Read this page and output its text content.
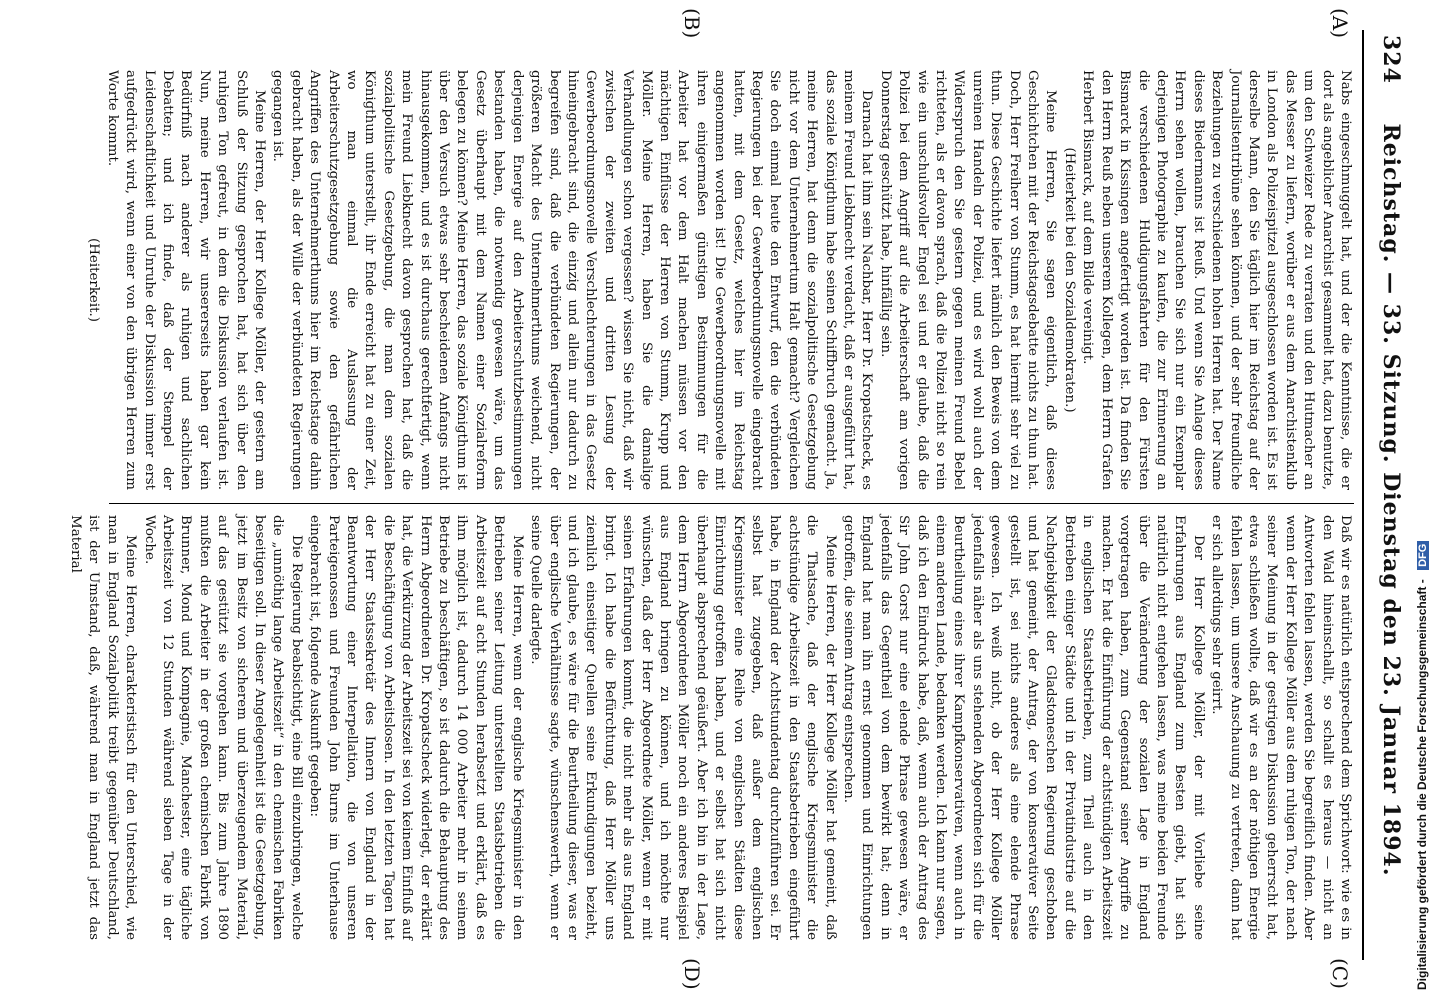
324
Reichstag. — 33. Sitzung. Dienstag den 23. Januar 1894.
(A)
(B)
(C)
(D)

Nabs eingeschmuggelt hat, und der die Kenntnisse, die er dort als angeblicher Anarchist gesammelt hat, dazu benutzte, um den Schweizer Rede zu verraten und den Hutmacher an das Messer zu liefern, worüber er aus dem Anarchistenklub in London als Polizeispitzel ausgeschlossen worden ist. Es ist derselbe Mann, den Sie täglich hier im Reichstag auf der Journalistentribüne sehen können, und der sehr freundliche Beziehungen zu verschiedenen hohen Herren hat. Der Name dieses Biedermanns ist Reuß. Und wenn Sie Anlage dieses Herrn sehen wollen, brauchen Sie sich nur ein Exemplar derjenigen Photographie zu kaufen, die zur Erinnerung an die verschiedenen Huldigungsfahrten für den Fürsten Bismarck in Kissingen angefertigt worden ist. Da finden Sie den Herrn Reuß neben unserem Kollegen, dem Herrn Grafen Herbert Bismarck, auf dem Bilde vereinigt.

(Heiterkeit bei den Sozialdemokraten.)

Meine Herren, Sie sagen eigentlich, daß dieses Geschichtchen mit der Reichstagsdebatte nichts zu thun hat. Doch, Herr Freiherr von Stumm, es hat hiermit sehr viel zu thun. Diese Geschichte liefert nämlich den Beweis von dem unreinen Handeln der Polizei, und es wird wohl auch der Widerspruch den Sie gestern gegen meinen Freund Bebel richteten, als er davon sprach, daß die Polizei nicht so rein wie ein unschuldsvoller Engel sei und er glaube, daß die Polizei bei dem Angriff auf die Arbeiterschaft am vorigen Donnerstag geschützt habe, hinfällig sein.

Darnach hat ihm sein Nachbar, Herr Dr. Kropatscheck, es meinem Freund Liebknecht verdacht, daß er ausgeführt hat, das soziale Königthum habe seinen Schiffbruch gemacht. Ja, meine Herren, hat denn die sozialpolitische Gesetzgebung nicht vor dem Unternehmertum Halt gemacht? Vergleichen Sie doch einmal heute den Entwurf, den die verbündeten Regierungen bei der Gewerbeordnungsnovelle eingebracht hatten, mit dem Gesetz, welches hier im Reichstag angenommen worden ist! Die Gewerbeordnungsnovelle mit ihren einigermaßen günstigen Bestimmungen für die Arbeiter hat vor dem Halt machen müssen vor den mächtigen Einflüsse der Herren von Stumm, Krupp und Möller. Meine Herren, haben Sie die damalige Verhandlungen schon vergessen? wissen Sie nicht, daß wir zwischen der zweiten und dritten Lesung der Gewerbeordnungsnovelle Verschlechterungen in das Gesetz hineingebracht sind, die einzig und allein nur dadurch zu begreifen sind, daß die verbündeten Regierungen, der größeren Macht des Unternehmerthums weichend, nicht derjenigen Energie auf den Arbeiterschutzbestimmungen bestanden haben, die notwendig gewesen wäre, um das Gesetz überhaupt mit dem Namen einer Sozialreform belegen zu können? Meine Herren, das soziale Königthum ist über den Versuch etwas sehr bescheidenen Anfangs nicht hinausgekommen, und es ist durchaus gerechtfertigt, wenn mein Freund Liebknecht davon gesprochen hat, daß die sozialpolitische Gesetzgebung, die man dem sozialen Königthum unterstellt, ihr Ende erreicht hat zu einer Zeit, wo man einmal die Auslassung der Arbeiterschutzgesetzgebung sowie den gefährlichen Angriffen des Unternehmerthums hier im Reichstage dahin gebracht haben, als der Wille der verbündeten Regierungen gegangen ist.

Meine Herren, der Herr Kollege Möller, der gestern am Schluß der Sitzung gesprochen hat, hat sich über den ruhigen Ton gefreut, in dem die Diskussion verlaufen ist. Nun, meine Herren, wir unsererseits haben gar kein Bedürfniß nach anderer als ruhigen und sachlichen Debatten; und ich finde, daß der Stempel der Leidenschaftlichkeit und Unruhe der Diskussion immer erst aufgedrückt wird, wenn einer von den übrigen Herren zum Worte kommt.

(Heiterkeit.)

Daß wir es natürlich entsprechend dem Sprichwort: wie es in den Wald hineinschallt, so schallt es heraus — nicht an Antworten fehlen lassen, werden Sie begreiflich finden. Aber wenn der Herr Kollege Möller aus dem ruhigen Ton, der nach seiner Meinung in der gestrigen Diskussion geherrscht hat, etwa schließen wollte, daß wir es an der nöthigen Energie fehlen lassen, um unsere Anschauung zu vertreten, dann hat er sich allerdings sehr geirrt.

Der Herr Kollege Möller, der mit Vorliebe seine Erfahrungen aus England zum Besten giebt, hat sich natürlich nicht entgehen lassen, was meine beiden Freunde über die Veränderung der sozialen Lage in England vorgetragen haben, zum Gegenstand seiner Angriffe zu machen. Er hat die Einführung der achtstündigen Arbeitszeit in englischen Staatsbetrieben, zum Theil auch in den Betrieben einiger Städte und in der Privatindustrie auf die Nachgiebigkeit der Gladstoneschen Regierung geschoben und hat gemeint, der Antrag, der von konservativer Seite gestellt ist, sei nichts anderes als eine elende Phrase gewesen. Ich weiß nicht, ob der Herr Kollege Möller jedenfalls näher als uns stehenden Abgeordneten sich für die Beurtheilung eines ihrer Kampfkonservativen, wenn auch in einem anderen Lande, bedanken werden. Ich kann nur sagen, daß ich den Eindruck habe, daß, wenn auch der Antrag des Sir John Gorst nur eine elende Phrase gewesen wäre, er jedenfalls das Gegentheil von dem bewirkt hat; denn in England hat man ihn ernst genommen und Einrichtungen getroffen, die seinem Antrag entsprechen.

Meine Herren, der Herr Kollege Möller hat gemeint, daß die Thatsache, daß der englische Kriegsminister die achtstündige Arbeitszeit in den Staatsbetrieben eingeführt habe, in England der Achtstundentag durchzuführen sei. Er selbst hat zugegeben, daß außer dem englischen Kriegsminister eine Reihe von englischen Städten diese Einrichtung getroffen haben, und er selbst hat sich nicht überhaupt absprechend geäußert. Aber ich bin in der Lage, dem Herrn Abgeordneten Möller noch ein anderes Beispiel aus England bringen zu können, und ich möchte nur wünschen, daß der Herr Abgeordnete Möller, wenn er mit seinen Erfahrungen kommt, die nicht mehr als aus England bringt. Ich habe die Befürchtung, daß Herr Möller uns ziemlich einseitiger Quellen seine Erkundigungen bezieht, und ich glaube, es wäre für die Beurtheilung dieser, was er über englische Verhältnisse sagte, wünschenswerth, wenn er seine Quelle darlegte.

Meine Herren, wenn der englische Kriegsminister in den Betrieben seiner Leitung unterstellten Staatsbetrieben die Arbeitszeit auf acht Stunden herabsetzt und erklärt, daß es ihm möglich ist, dadurch 14 000 Arbeiter mehr in seinem Betriebe zu beschäftigen, so ist dadurch die Behauptung des Herrn Abgeordneten Dr. Kropatscheck widerlegt, der erklärt hat, die Verkürzung der Arbeitszeit sei von keinem Einfluß auf die Beschäftigung von Arbeitslosen. In den letzten Tagen hat der Herr Staatssekretär des Innern von England in der Beantwortung einer Interpellation, die von unseren Parteigenossen und Freunden John Burns im Unterhause eingebracht ist, folgende Auskunft gegeben:

Die Regierung beabsichtigt, eine Bill einzubringen, welche die „unnöthig lange Arbeitszeit“ in den chemischen Fabriken beseitigen soll. In dieser Angelegenheit ist die Gesetzgebung, jetzt im Besitz von sicherem und überzeugendem Material, auf das gestützt sie vorgehen kann. Bis zum Jahre 1890 mußten die Arbeiter in der großen chemischen Fabrik von Brunner, Mond und Kompagnie, Manchester, eine tägliche Arbeitszeit von 12 Stunden während sieben Tage in der Woche.

Meine Herren, charakteristisch für den Unterschied, wie man in England Sozialpolitik treibt gegenüber Deutschland, ist der Umstand, daß, während man in England jetzt das Material

Digitalisierung gefördert durch die Deutsche Forschungsgemeinschaft - DFG
